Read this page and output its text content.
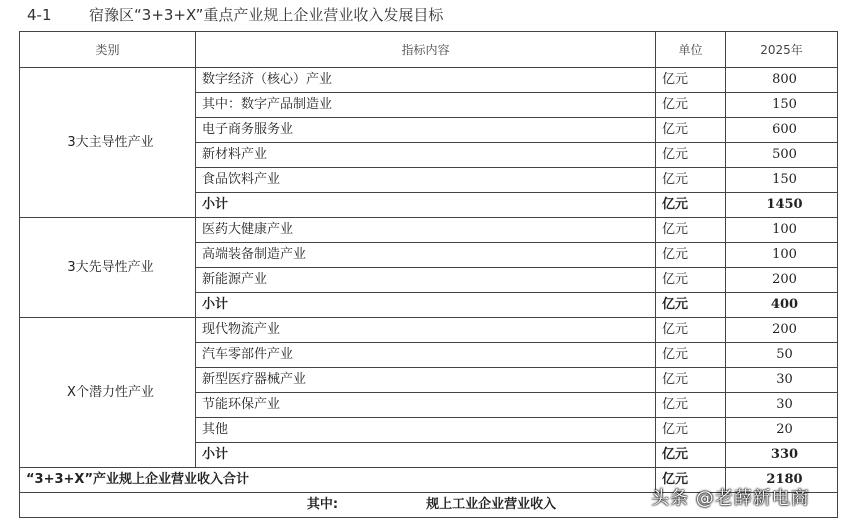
4-1	宿豫区“3+3+X”重点产业规上企业营业收入发展目标
类别	指标内容	单位	2025年
3大主导性产业	数字经济（核心）产业	亿元	800
	其中：数字产品制造业	亿元	150
	电子商务服务业	亿元	600
	新材料产业	亿元	500
	食品饮料产业	亿元	150
	小计	亿元	1450
3大先导性产业	医药大健康产业	亿元	100
	高端装备制造产业	亿元	100
	新能源产业	亿元	200
	小计	亿元	400
X个潜力性产业	现代物流产业	亿元	200
	汽车零部件产业	亿元	50
	新型医疗器械产业	亿元	30
	节能环保产业	亿元	30
	其他	亿元	20
	小计	亿元	330
“3+3+X”产业规上企业营业收入合计		亿元	2180
其中: 规上工业企业营业收入				头条 @老薛新电商
